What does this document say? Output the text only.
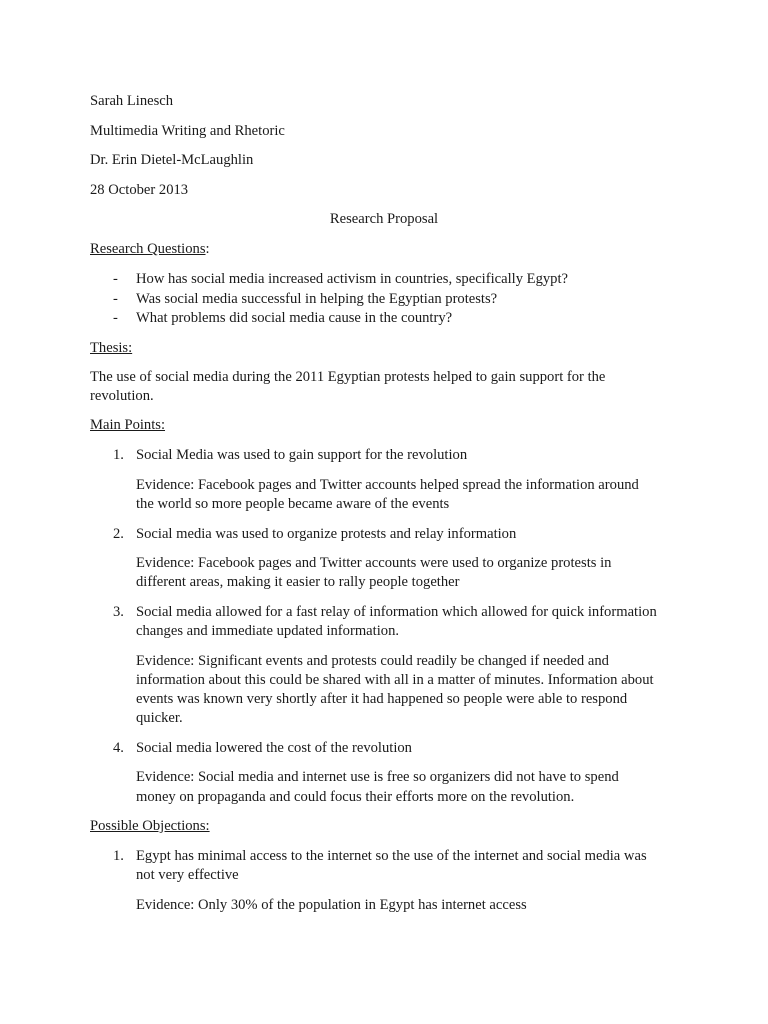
Sarah Linesch
Multimedia Writing and Rhetoric
Dr. Erin Dietel-McLaughlin
28 October 2013
Research Proposal
Research Questions:
- How has social media increased activism in countries, specifically Egypt?
- Was social media successful in helping the Egyptian protests?
- What problems did social media cause in the country?
Thesis:
The use of social media during the 2011 Egyptian protests helped to gain support for the
revolution.
Main Points:
1. Social Media was used to gain support for the revolution
Evidence: Facebook pages and Twitter accounts helped spread the information around
the world so more people became aware of the events
2. Social media was used to organize protests and relay information
Evidence: Facebook pages and Twitter accounts were used to organize protests in
different areas, making it easier to rally people together
3. Social media allowed for a fast relay of information which allowed for quick information
changes and immediate updated information.
Evidence: Significant events and protests could readily be changed if needed and
information about this could be shared with all in a matter of minutes. Information about
events was known very shortly after it had happened so people were able to respond
quicker.
4. Social media lowered the cost of the revolution
Evidence: Social media and internet use is free so organizers did not have to spend
money on propaganda and could focus their efforts more on the revolution.
Possible Objections:
1. Egypt has minimal access to the internet so the use of the internet and social media was
not very effective
Evidence: Only 30% of the population in Egypt has internet access
